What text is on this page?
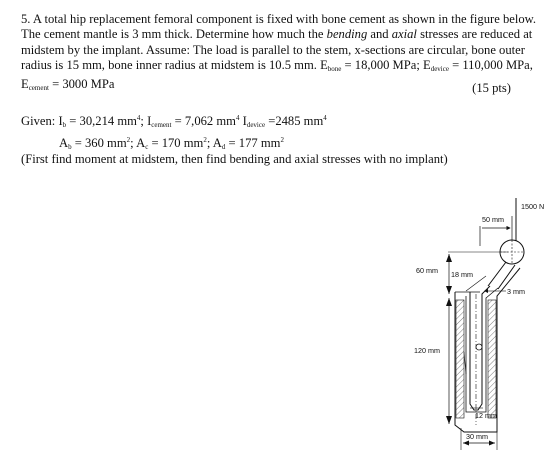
5. A total hip replacement femoral component is fixed with bone cement as shown in the figure below. The cement mantle is 3 mm thick. Determine how much the bending and axial stresses are reduced at midstem by the implant. Assume: The load is parallel to the stem, x-sections are circular, bone outer radius is 15 mm, bone inner radius at midstem is 10.5 mm. $E_{bone} = 18,000$ MPa; $E_{device} = 110,000$ MPa, $E_{cement} = 3000$ MPa	(15 pts)
Given: $I_b = 30,214$ $mm^4$; $I_{cement} = 7,062$ $mm^4$ $I_{device} =2485$ $mm^4$
$A_b = 360$ $mm^2$; $A_c = 170$ $mm^2$; $A_d = 177$ $mm^2$
(First find moment at midstem, then find bending and axial stresses with no implant)
1500 N
50 mm
18 mm
3 mm
60 mm
120 mm
12 mm
30 mm
